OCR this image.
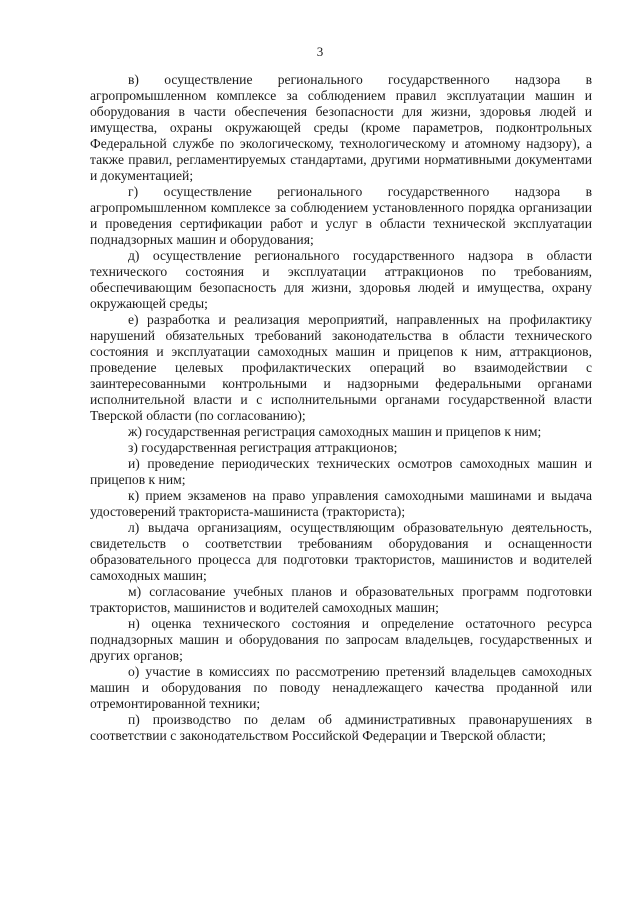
3

в) осуществление регионального государственного надзора в агропромышленном комплексе за соблюдением правил эксплуатации машин и оборудования в части обеспечения безопасности для жизни, здоровья людей и имущества, охраны окружающей среды (кроме параметров, подконтрольных Федеральной службе по экологическому, технологическому и атомному надзору), а также правил, регламентируемых стандартами, другими нормативными документами и документацией;

г) осуществление регионального государственного надзора в агропромышленном комплексе за соблюдением установленного порядка организации и проведения сертификации работ и услуг в области технической эксплуатации поднадзорных машин и оборудования;

д) осуществление регионального государственного надзора в области технического состояния и эксплуатации аттракционов по требованиям, обеспечивающим безопасность для жизни, здоровья людей и имущества, охрану окружающей среды;

е) разработка и реализация мероприятий, направленных на профилактику нарушений обязательных требований законодательства в области технического состояния и эксплуатации самоходных машин и прицепов к ним, аттракционов, проведение целевых профилактических операций во взаимодействии с заинтересованными контрольными и надзорными федеральными органами исполнительной власти и с исполнительными органами государственной власти Тверской области (по согласованию);

ж) государственная регистрация самоходных машин и прицепов к ним;

з) государственная регистрация аттракционов;

и) проведение периодических технических осмотров самоходных машин и прицепов к ним;

к) прием экзаменов на право управления самоходными машинами и выдача удостоверений тракториста-машиниста (тракториста);

л) выдача организациям, осуществляющим образовательную деятельность, свидетельств о соответствии требованиям оборудования и оснащенности образовательного процесса для подготовки трактористов, машинистов и водителей самоходных машин;

м) согласование учебных планов и образовательных программ подготовки трактористов, машинистов и водителей самоходных машин;

н) оценка технического состояния и определение остаточного ресурса поднадзорных машин и оборудования по запросам владельцев, государственных и других органов;

о) участие в комиссиях по рассмотрению претензий владельцев самоходных машин и оборудования по поводу ненадлежащего качества проданной или отремонтированной техники;

п) производство по делам об административных правонарушениях в соответствии с законодательством Российской Федерации и Тверской области;
